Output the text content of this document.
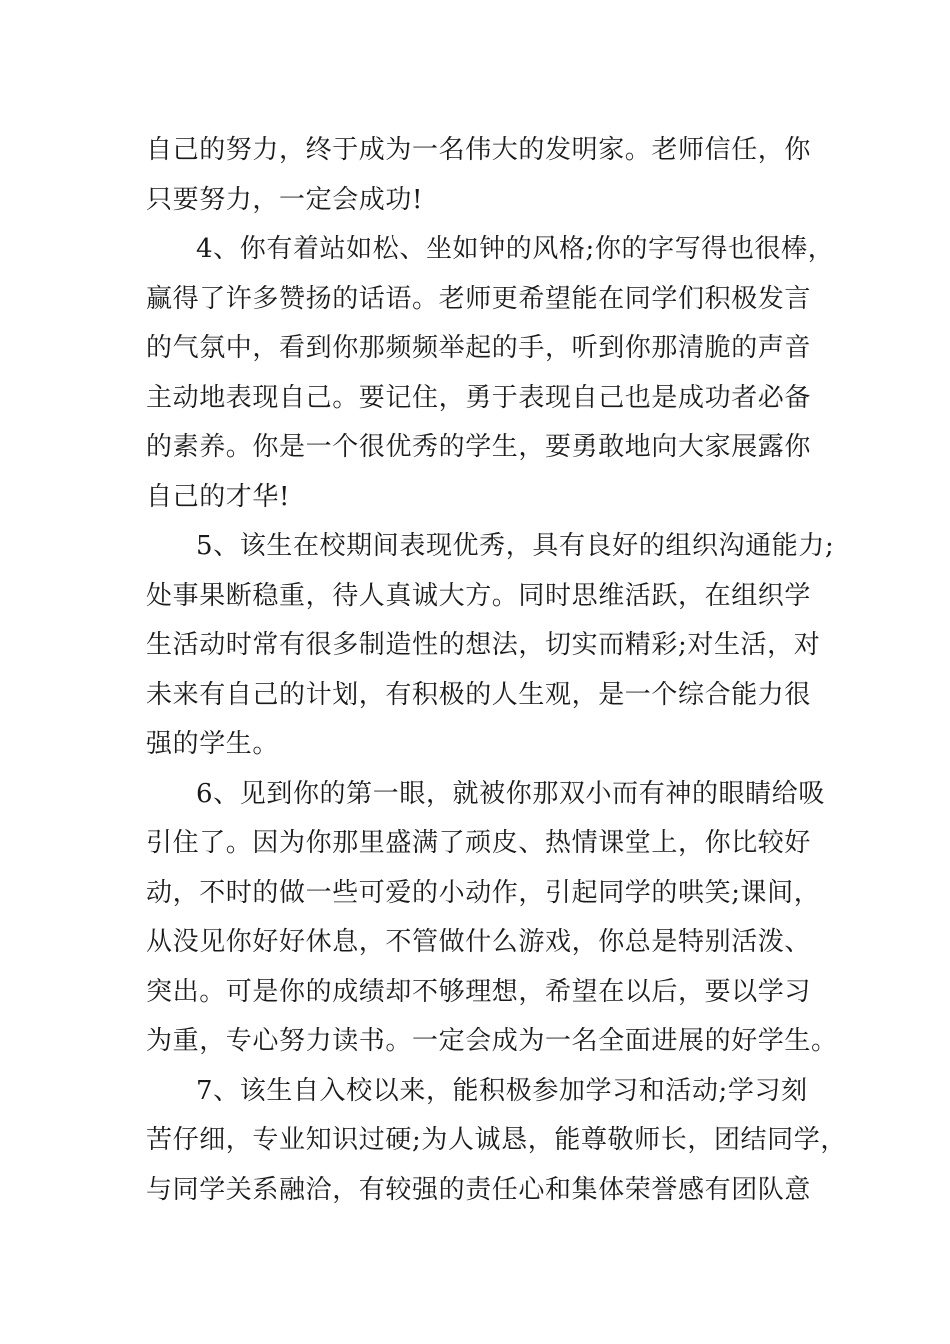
自己的努力，终于成为一名伟大的发明家。老师信任，你
只要努力，一定会成功!
4、你有着站如松、坐如钟的风格;你的字写得也很棒，
赢得了许多赞扬的话语。老师更希望能在同学们积极发言
的气氛中，看到你那频频举起的手，听到你那清脆的声音
主动地表现自己。要记住，勇于表现自己也是成功者必备
的素养。你是一个很优秀的学生，要勇敢地向大家展露你
自己的才华!
5、该生在校期间表现优秀，具有良好的组织沟通能力;
处事果断稳重，待人真诚大方。同时思维活跃，在组织学
生活动时常有很多制造性的想法，切实而精彩;对生活，对
未来有自己的计划，有积极的人生观，是一个综合能力很
强的学生。
6、见到你的第一眼，就被你那双小而有神的眼睛给吸
引住了。因为你那里盛满了顽皮、热情课堂上，你比较好
动，不时的做一些可爱的小动作，引起同学的哄笑;课间，
从没见你好好休息，不管做什么游戏，你总是特别活泼、
突出。可是你的成绩却不够理想，希望在以后，要以学习
为重，专心努力读书。一定会成为一名全面进展的好学生。
7、该生自入校以来，能积极参加学习和活动;学习刻
苦仔细，专业知识过硬;为人诚恳，能尊敬师长，团结同学，
与同学关系融洽，有较强的责任心和集体荣誉感有团队意
